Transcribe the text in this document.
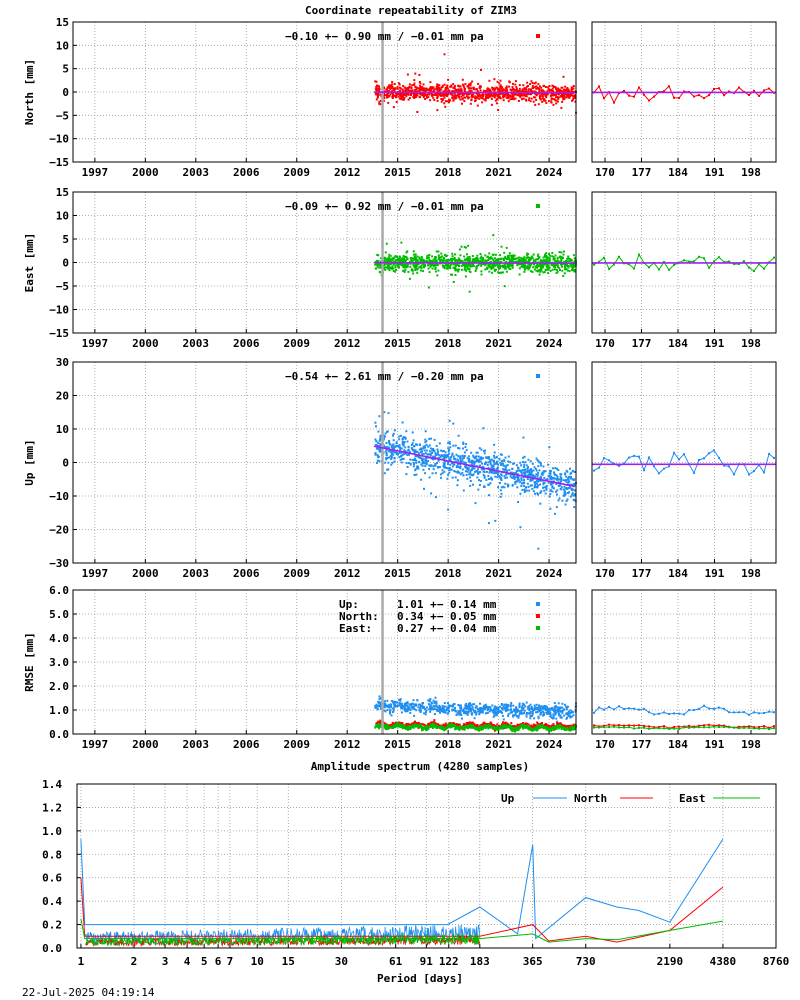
Coordinate repeatability of ZIM3
1997 2000 2003 2006 2009 2012 2015 2018 2021 2024
15
10
5
0
−5
−10
−15
North [mm]
170 177 184 191 198
−0.10 +− 0.90 mm / −0.01 mm pa
1997 2000 2003 2006 2009 2012 2015 2018 2021 2024
15
10
5
0
−5
−10
−15
East [mm]
170 177 184 191 198
−0.09 +− 0.92 mm / −0.01 mm pa
1997 2000 2003 2006 2009 2012 2015 2018 2021 2024
30
20
10
0
−10
−20
−30
Up [mm]
170 177 184 191 198
−0.54 +− 2.61 mm / −0.20 mm pa
1997 2000 2003 2006 2009 2012 2015 2018 2021 2024
6.0
5.0
4.0
3.0
2.0
1.0
0.0
RMSE [mm]
170 177 184 191 198
Up:	1.01 +− 0.14 mm
North: 0.34 +− 0.05 mm
East: 0.27 +− 0.04 mm
Amplitude spectrum (4280 samples)
1.4
1.2
1.0
0.8
0.6
0.4
0.2
0.0
1	2 3 4 5 6 7 10 15	30	61 91 122 183	365	730	2190 4380 8760
Period [days]
Up	North	East
22-Jul-2025 04:19:14
